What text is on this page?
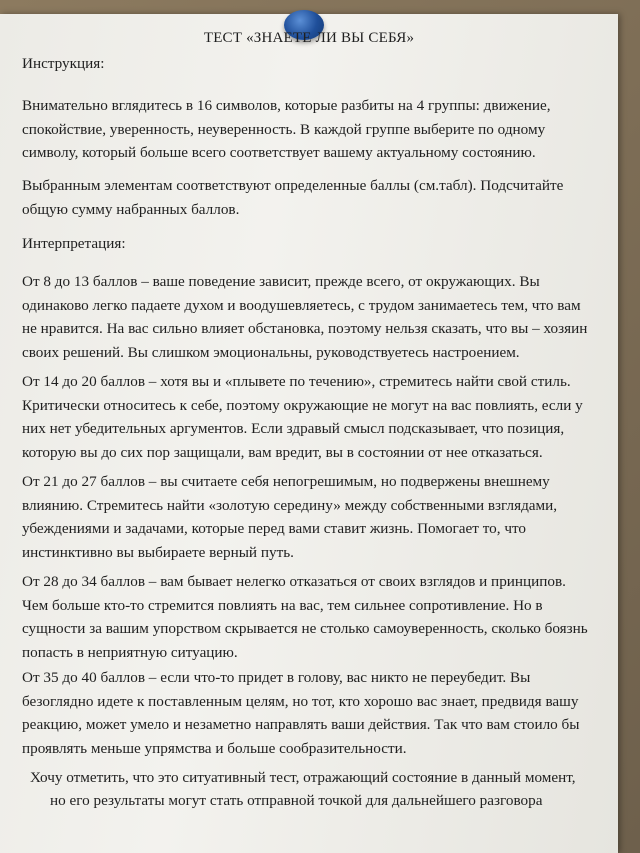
ТЕСТ «ЗНАЕТЕ ЛИ ВЫ СЕБЯ»

Инструкция:

Внимательно вглядитесь в 16 символов, которые разбиты на 4 группы: движение, спокойствие, уверенность, неуверенность. В каждой группе выберите по одному символу, который больше всего соответствует вашему актуальному состоянию.

Выбранным элементам соответствуют определенные баллы (см.табл). Подсчитайте общую сумму набранных баллов.

Интерпретация:

От 8 до 13 баллов – ваше поведение зависит, прежде всего, от окружающих. Вы одинаково легко падаете духом и воодушевляетесь, с трудом занимаетесь тем, что вам не нравится. На вас сильно влияет обстановка, поэтому нельзя сказать, что вы – хозяин своих решений. Вы слишком эмоциональны, руководствуетесь настроением.

От 14 до 20 баллов – хотя вы и «плывете по течению», стремитесь найти свой стиль. Критически относитесь к себе, поэтому окружающие не могут на вас повлиять, если у них нет убедительных аргументов. Если здравый смысл подсказывает, что позиция, которую вы до сих пор защищали, вам вредит, вы в состоянии от нее отказаться.

От 21 до 27 баллов – вы считаете себя непогрешимым, но подвержены внешнему влиянию. Стремитесь найти «золотую середину» между собственными взглядами, убеждениями и задачами, которые перед вами ставит жизнь. Помогает то, что инстинктивно вы выбираете верный путь.

От 28 до 34 баллов – вам бывает нелегко отказаться от своих взглядов и принципов. Чем больше кто-то стремится повлиять на вас, тем сильнее сопротивление. Но в сущности за вашим упорством скрывается не столько самоуверенность, сколько боязнь попасть в неприятную ситуацию.

От 35 до 40 баллов – если что-то придет в голову, вас никто не переубедит. Вы безоглядно идете к поставленным целям, но тот, кто хорошо вас знает, предвидя вашу реакцию, может умело и незаметно направлять ваши действия. Так что вам стоило бы проявлять меньше упрямства и больше сообразительности.

Хочу отметить, что это ситуативный тест, отражающий состояние в данный момент,
но его результаты могут стать отправной точкой для дальнейшего разговора
